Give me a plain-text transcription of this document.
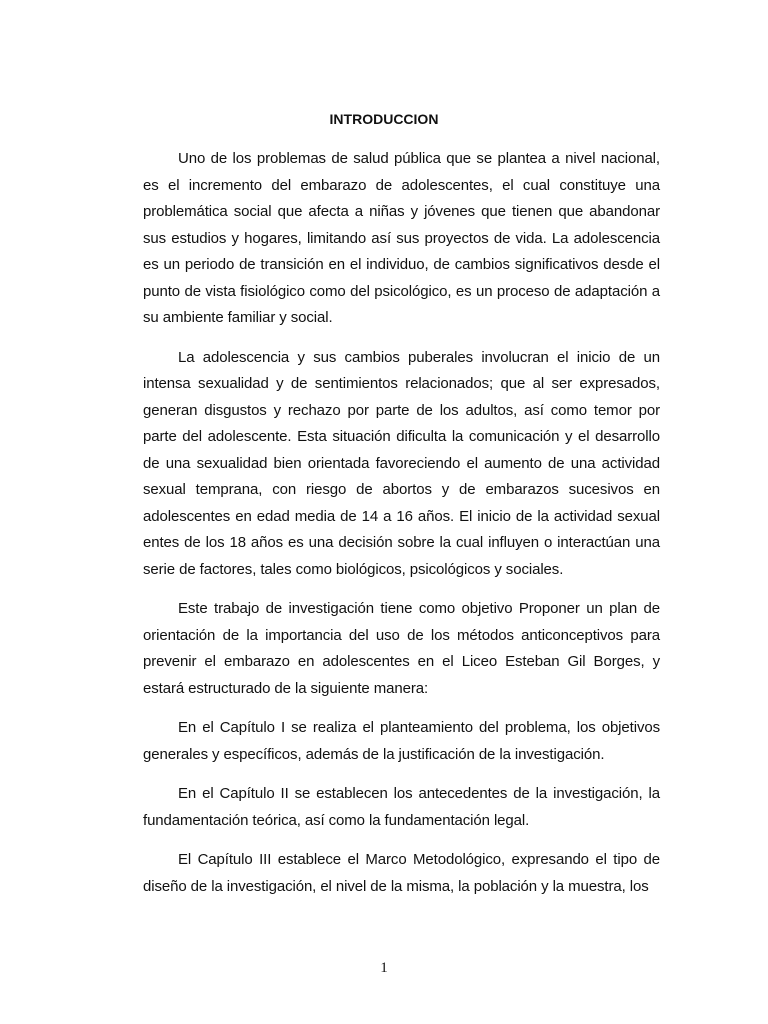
INTRODUCCION

Uno de los problemas de salud pública que se plantea a nivel nacional, es el incremento del embarazo de adolescentes, el cual constituye una problemática social que afecta a niñas y jóvenes que tienen que abandonar sus estudios y hogares, limitando así sus proyectos de vida. La adolescencia es un periodo de transición en el individuo, de cambios significativos desde el punto de vista fisiológico como del psicológico, es un proceso de adaptación a su ambiente familiar y social.

La adolescencia y sus cambios puberales involucran el inicio de un intensa sexualidad y de sentimientos relacionados; que al ser expresados, generan disgustos y rechazo por parte de los adultos, así como temor por parte del adolescente. Esta situación dificulta la comunicación y el desarrollo de una sexualidad bien orientada favoreciendo el aumento de una actividad sexual temprana, con riesgo de abortos y de embarazos sucesivos en adolescentes en edad media de 14 a 16 años. El inicio de la actividad sexual entes de los 18 años es una decisión sobre la cual influyen o interactúan una serie de factores, tales como biológicos, psicológicos y sociales.

Este trabajo de investigación tiene como objetivo Proponer un plan de orientación de la importancia del uso de los métodos anticonceptivos para prevenir el embarazo en adolescentes en el Liceo Esteban Gil Borges, y estará estructurado de la siguiente manera:

En el Capítulo I se realiza el planteamiento del problema, los objetivos generales y específicos, además de la justificación de la investigación.

En el Capítulo II se establecen los antecedentes de la investigación, la fundamentación teórica, así como la fundamentación legal.

El Capítulo III establece el Marco Metodológico, expresando el tipo de diseño de la investigación, el nivel de la misma, la población y la muestra, los

1
